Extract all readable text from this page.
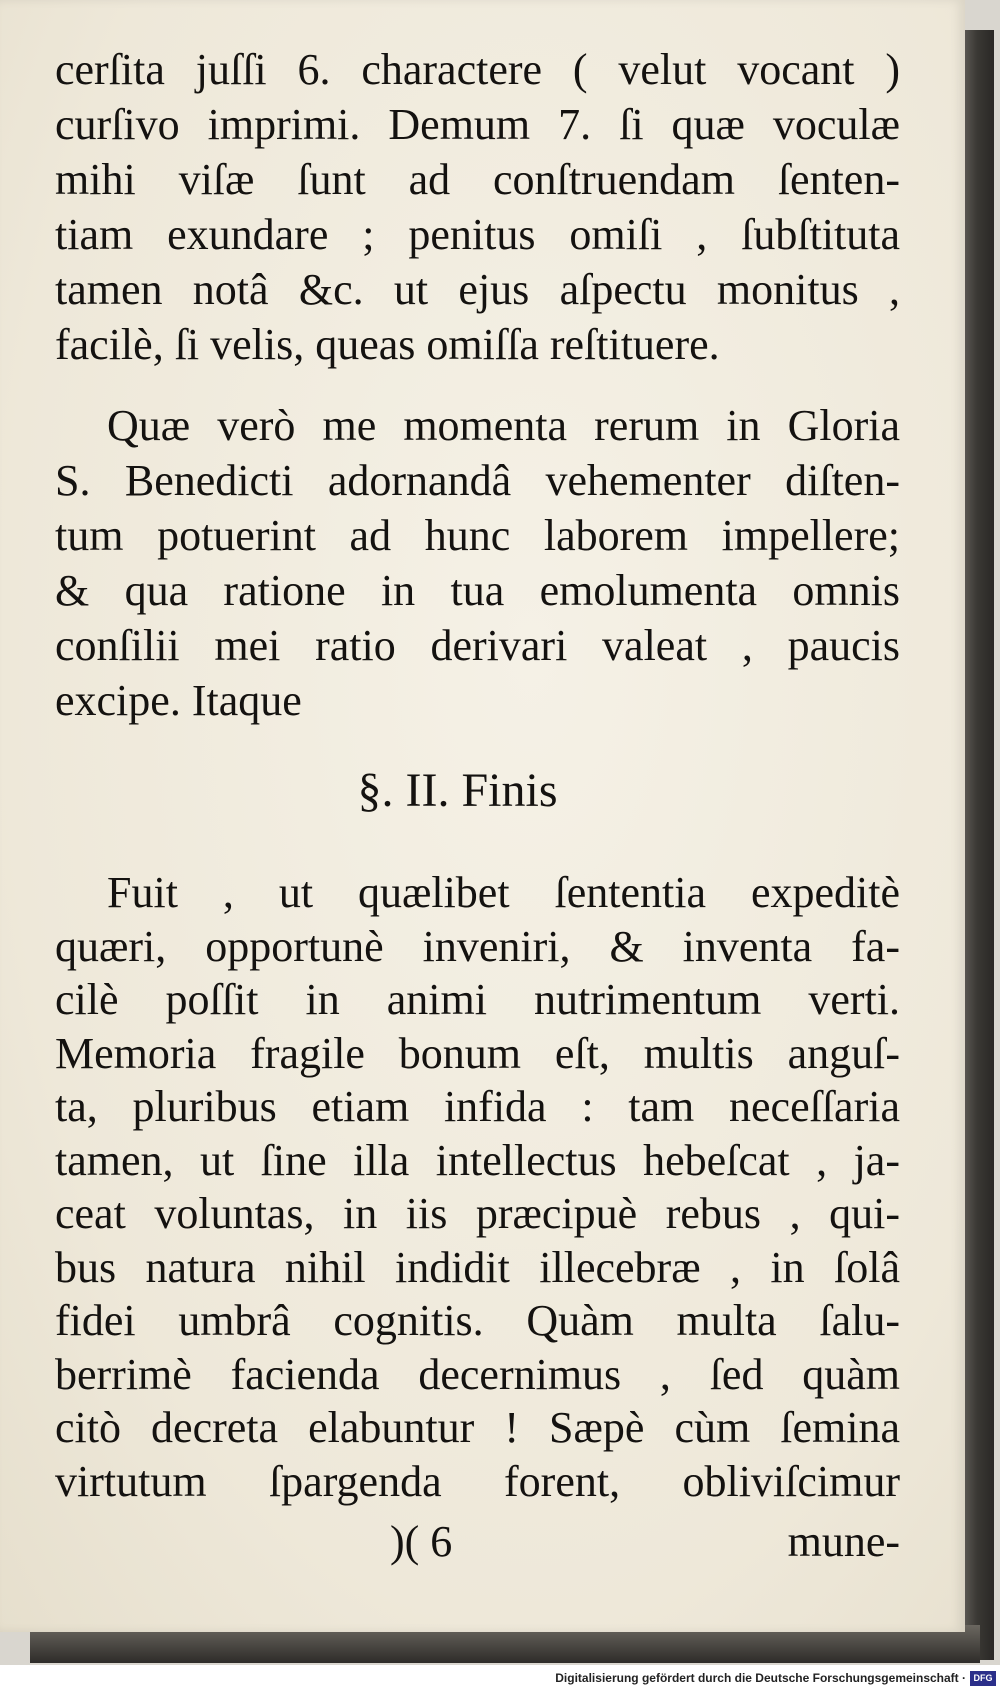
cerſita juſſi 6. charactere ( velut vocant )
curſivo imprimi. Demum 7. ſi quæ voculæ
mihi viſæ ſunt ad conſtruendam ſenten-
tiam exundare ; penitus omiſi , ſubſtituta
tamen notâ &c. ut ejus aſpectu monitus ,
facilè, ſi velis, queas omiſſa reſtituere.
Quæ verò me momenta rerum in Gloria
S. Benedicti adornandâ vehementer diſten-
tum potuerint ad hunc laborem impellere;
& qua ratione in tua emolumenta omnis
conſilii mei ratio derivari valeat , paucis
excipe. Itaque
§. II. Finis
Fuit , ut quælibet ſententia expeditè
quæri, opportunè inveniri, & inventa fa-
cilè poſſit in animi nutrimentum verti.
Memoria fragile bonum eſt, multis anguſ-
ta, pluribus etiam infida : tam neceſſaria
tamen, ut ſine illa intellectus hebeſcat , ja-
ceat voluntas, in iis præcipuè rebus , qui-
bus natura nihil indidit illecebræ , in ſolâ
fidei umbrâ cognitis. Quàm multa ſalu-
berrimè facienda decernimus , ſed quàm
citò decreta elabuntur ! Sæpè cùm ſemina
virtutum ſpargenda forent, obliviſcimur
)( 6	mune-
Digitalisierung gefördert durch die Deutsche Forschungsgemeinschaft · DFG
